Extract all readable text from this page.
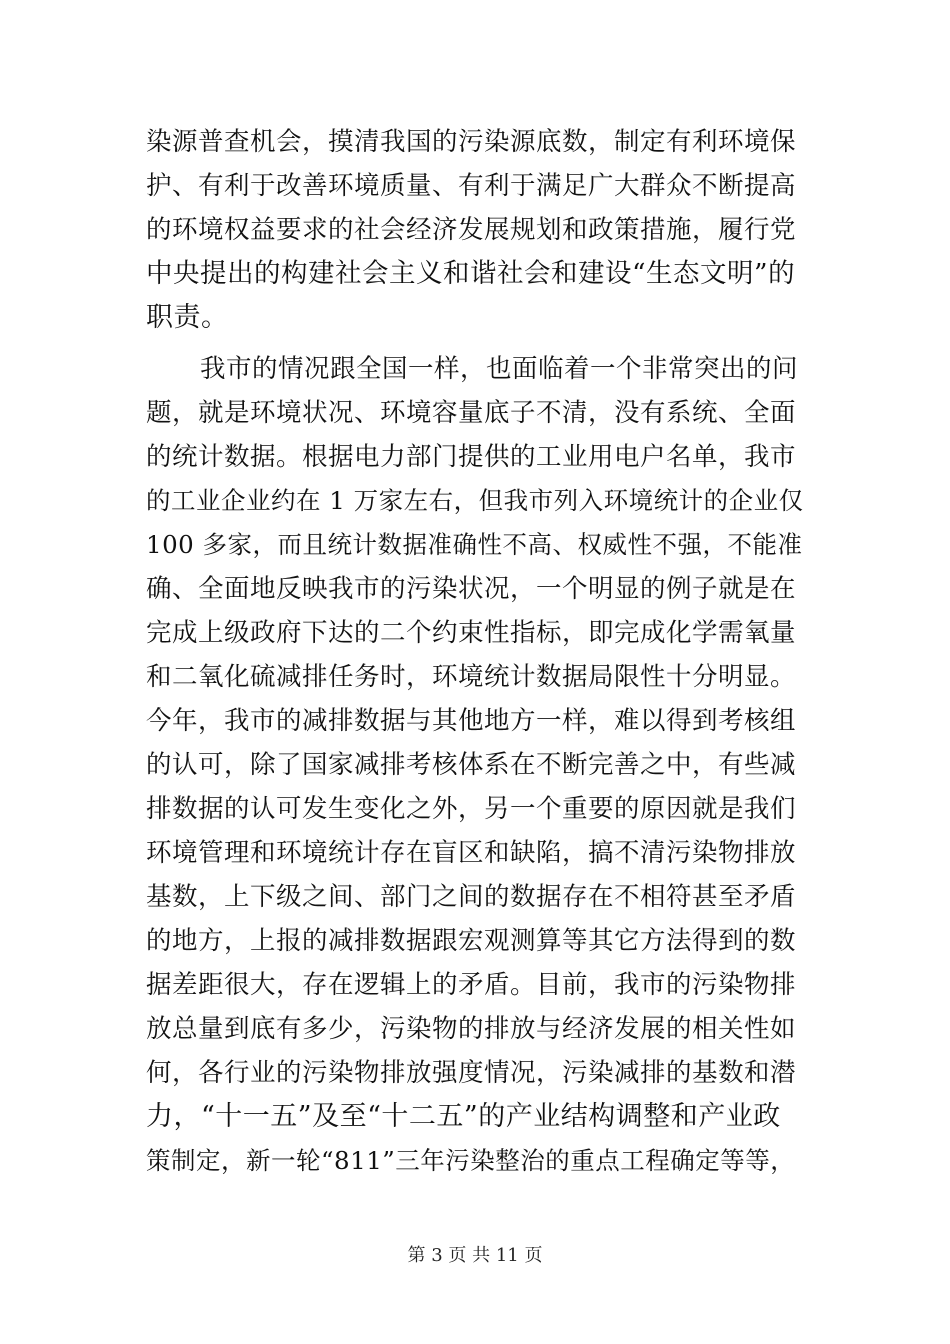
染源普查机会，摸清我国的污染源底数，制定有利环境保
护、有利于改善环境质量、有利于满足广大群众不断提高
的环境权益要求的社会经济发展规划和政策措施，履行党
中央提出的构建社会主义和谐社会和建设“生态文明”的
职责。
我市的情况跟全国一样，也面临着一个非常突出的问
题，就是环境状况、环境容量底子不清，没有系统、全面
的统计数据。根据电力部门提供的工业用电户名单，我市
的工业企业约在 1 万家左右，但我市列入环境统计的企业仅
100 多家，而且统计数据准确性不高、权威性不强，不能准
确、全面地反映我市的污染状况，一个明显的例子就是在
完成上级政府下达的二个约束性指标，即完成化学需氧量
和二氧化硫减排任务时，环境统计数据局限性十分明显。
今年，我市的减排数据与其他地方一样，难以得到考核组
的认可，除了国家减排考核体系在不断完善之中，有些减
排数据的认可发生变化之外，另一个重要的原因就是我们
环境管理和环境统计存在盲区和缺陷，搞不清污染物排放
基数，上下级之间、部门之间的数据存在不相符甚至矛盾
的地方，上报的减排数据跟宏观测算等其它方法得到的数
据差距很大，存在逻辑上的矛盾。目前，我市的污染物排
放总量到底有多少，污染物的排放与经济发展的相关性如
何，各行业的污染物排放强度情况，污染减排的基数和潜
力，“十一五”及至“十二五”的产业结构调整和产业政
策制定，新一轮“811”三年污染整治的重点工程确定等等，
第 3 页 共 11 页
